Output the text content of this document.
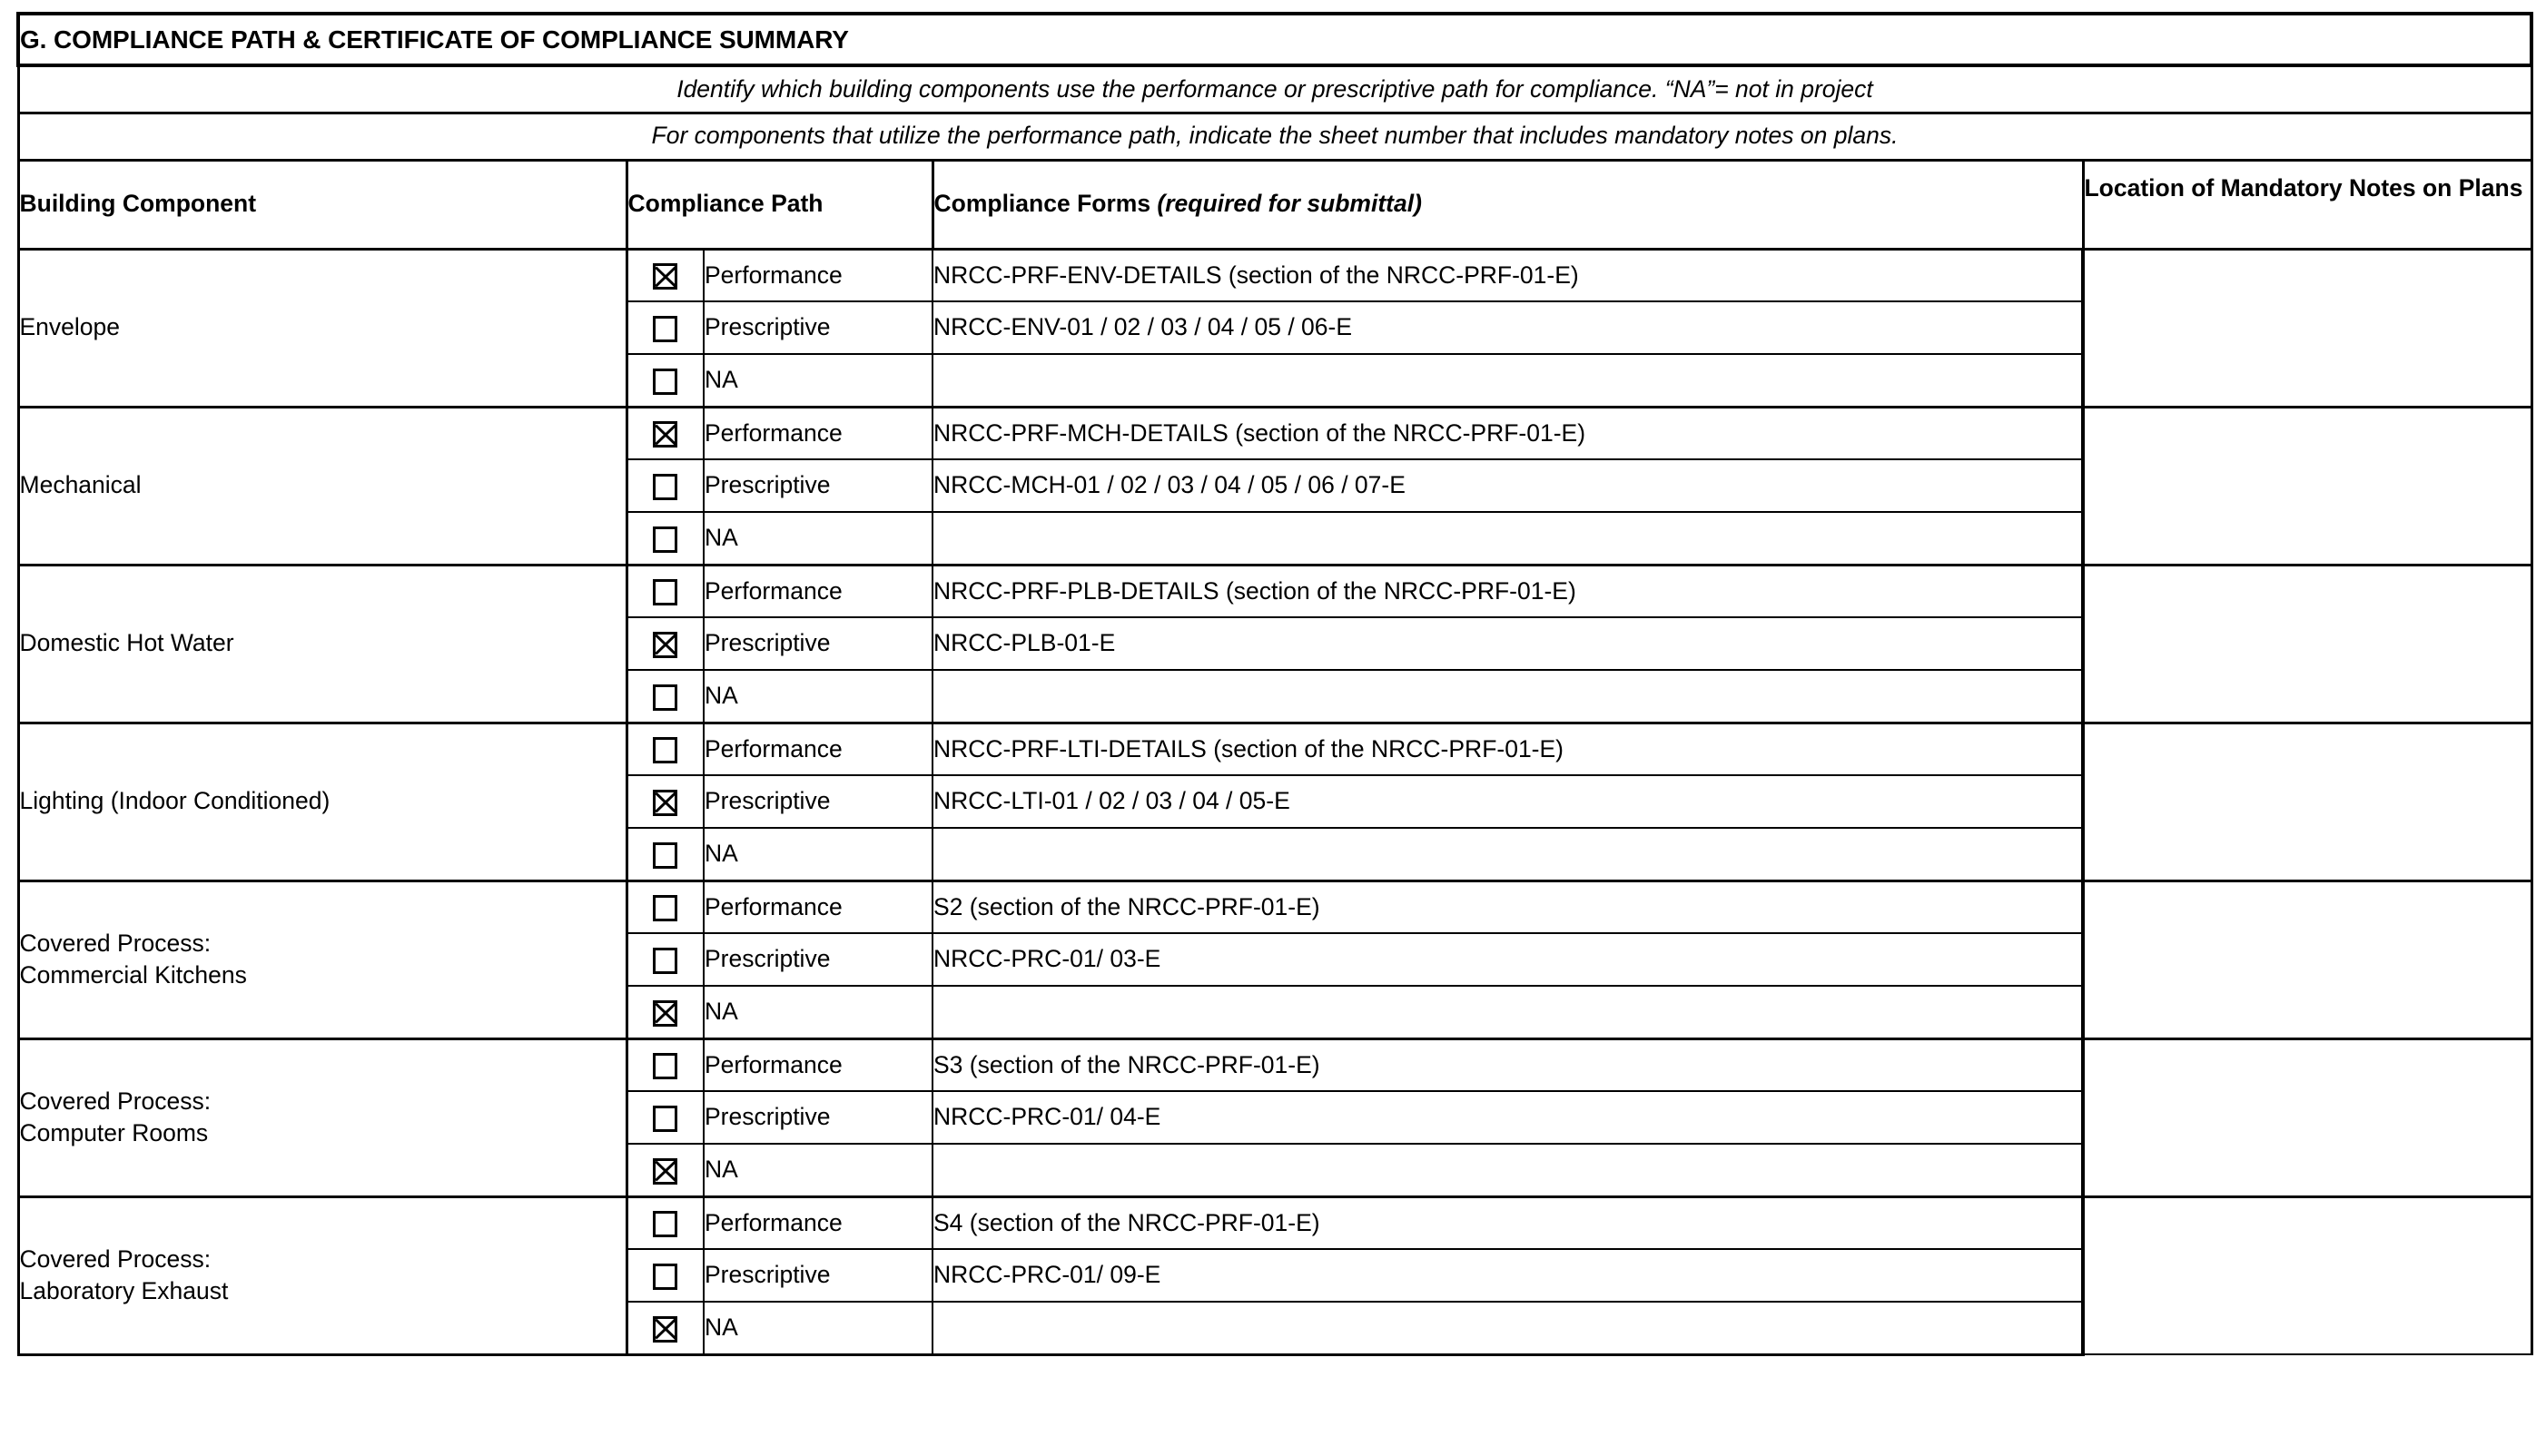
G. COMPLIANCE PATH & CERTIFICATE OF COMPLIANCE SUMMARY				
Identify which building components use the performance or prescriptive path for compliance. “NA”= not in project				
For components that utilize the performance path, indicate the sheet number that includes mandatory notes on plans.				
Building Component	Compliance Path		Compliance Forms (required for submittal)	Location of Mandatory Notes on Plans

Envelope		Performance	NRCC-PRF-ENV-DETAILS (section of the NRCC-PRF-01-E)	
		Prescriptive	NRCC-ENV-01 / 02 / 03 / 04 / 05 / 06-E	
		NA		

Mechanical		Performance	NRCC-PRF-MCH-DETAILS (section of the NRCC-PRF-01-E)	
		Prescriptive	NRCC-MCH-01 / 02 / 03 / 04 / 05 / 06 / 07-E	
		NA		

Domestic Hot Water		Performance	NRCC-PRF-PLB-DETAILS (section of the NRCC-PRF-01-E)	
		Prescriptive	NRCC-PLB-01-E	
		NA		

Lighting (Indoor Conditioned)		Performance	NRCC-PRF-LTI-DETAILS (section of the NRCC-PRF-01-E)	
		Prescriptive	NRCC-LTI-01 / 02 / 03 / 04 / 05-E	
		NA		

Covered Process:
Commercial Kitchens		Performance	S2 (section of the NRCC-PRF-01-E)	
		Prescriptive	NRCC-PRC-01/ 03-E	
		NA		

Covered Process:
Computer Rooms		Performance	S3 (section of the NRCC-PRF-01-E)	
		Prescriptive	NRCC-PRC-01/ 04-E	
		NA		

Covered Process:
Laboratory Exhaust		Performance	S4 (section of the NRCC-PRF-01-E)	
		Prescriptive	NRCC-PRC-01/ 09-E	
		NA		
